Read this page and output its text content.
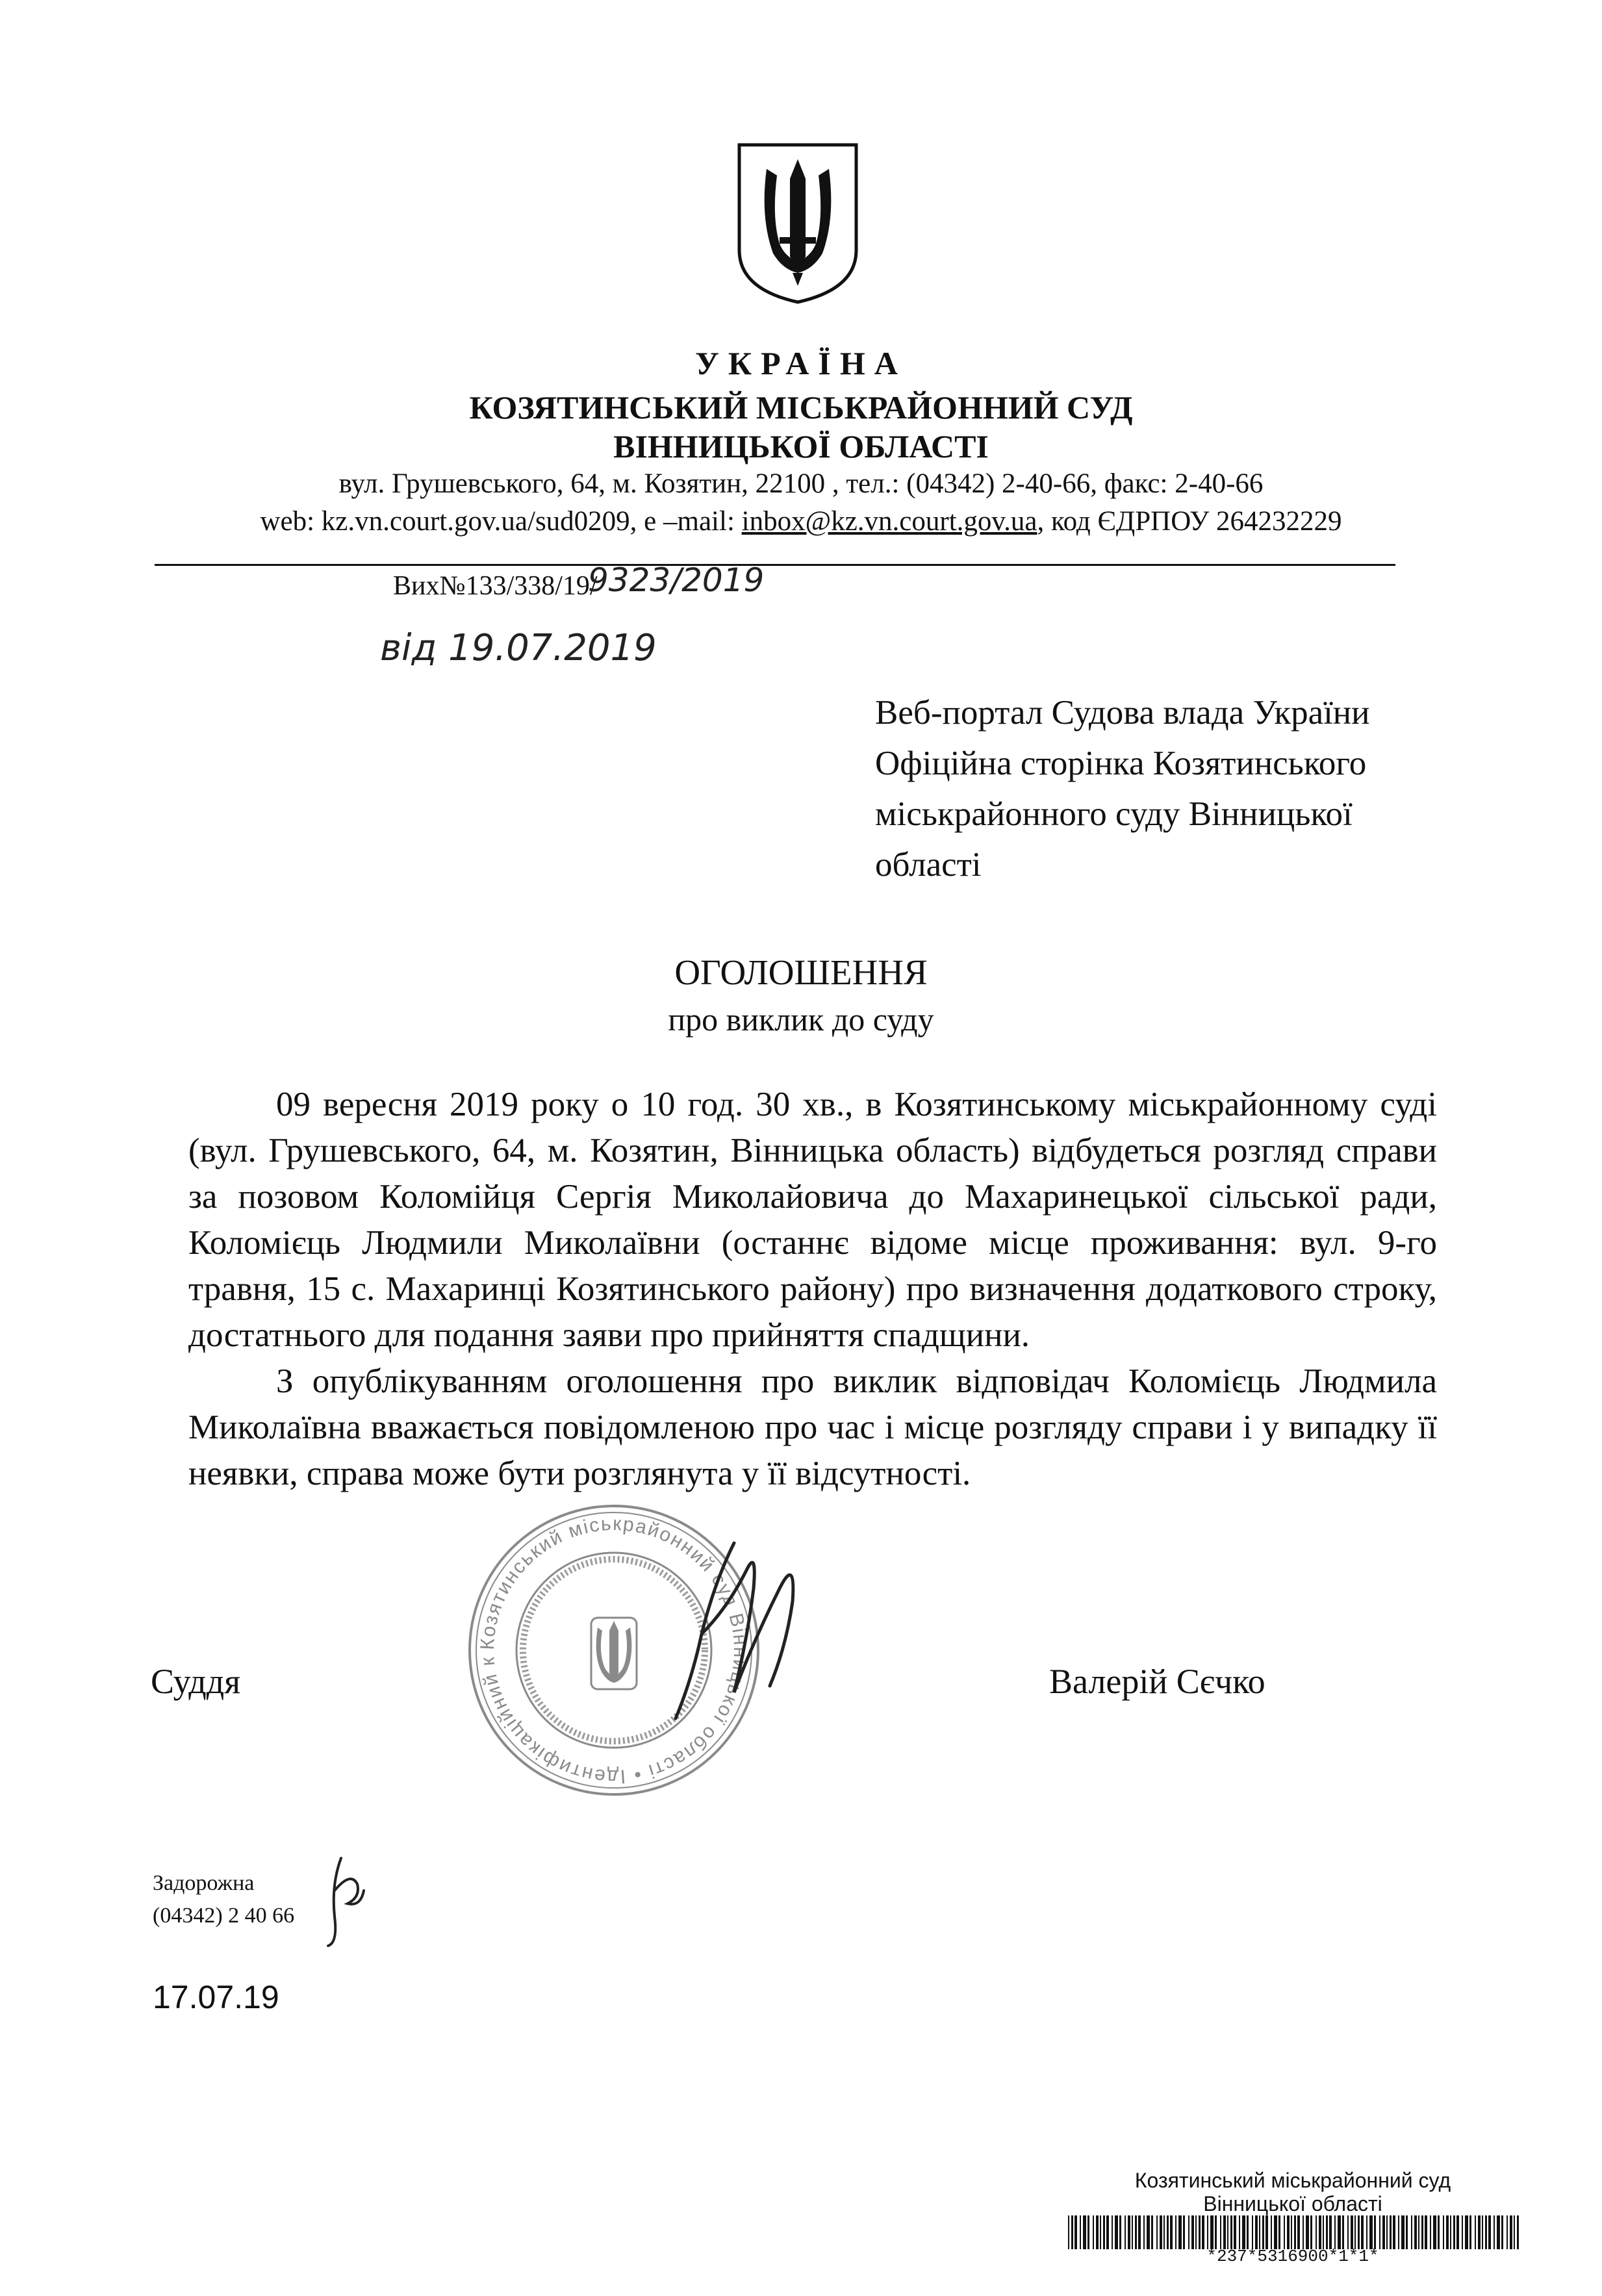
УКРАЇНА
КОЗЯТИНСЬКИЙ МІСЬКРАЙОННИЙ СУД
ВІННИЦЬКОЇ ОБЛАСТІ
вул. Грушевського, 64, м. Козятин, 22100 , тел.: (04342) 2-40-66, факс: 2-40-66
web: kz.vn.court.gov.ua/sud0209, e –mail: inbox@kz.vn.court.gov.ua, код ЄДРПОУ 264232229
Вих№133/338/19/
9323/2019
від 19.07.2019
Веб-портал Судова влада України
Офіційна сторінка Козятинського
міськрайонного суду Вінницької
області
ОГОЛОШЕННЯ
про виклик до суду

09 вересня 2019 року о 10 год. 30 хв., в Козятинському міськрайонному суді (вул. Грушевського, 64, м. Козятин, Вінницька область) відбудеться розгляд справи за позовом Коломійця Сергія Миколайовича до Махаринецької сільської ради, Коломієць Людмили Миколаївни (останнє відоме місце проживання: вул. 9-го травня, 15 с. Махаринці Козятинського району) про визначення додаткового строку, достатнього для подання заяви про прийняття спадщини.

З опублікуванням оголошення про виклик відповідач Коломієць Людмила Миколаївна вважається повідомленою про час і місце розгляду справи і у випадку її неявки, справа може бути розглянута у її відсутності.

Козятинський міськрайонний суд Вінницької області • Ідентифікаційний к
Суддя	Валерій Сєчко
Задорожна
(04342) 2 40 66
17.07.19
Козятинський міськрайонний суд
Вінницької області
*237*5316900*1*1*
